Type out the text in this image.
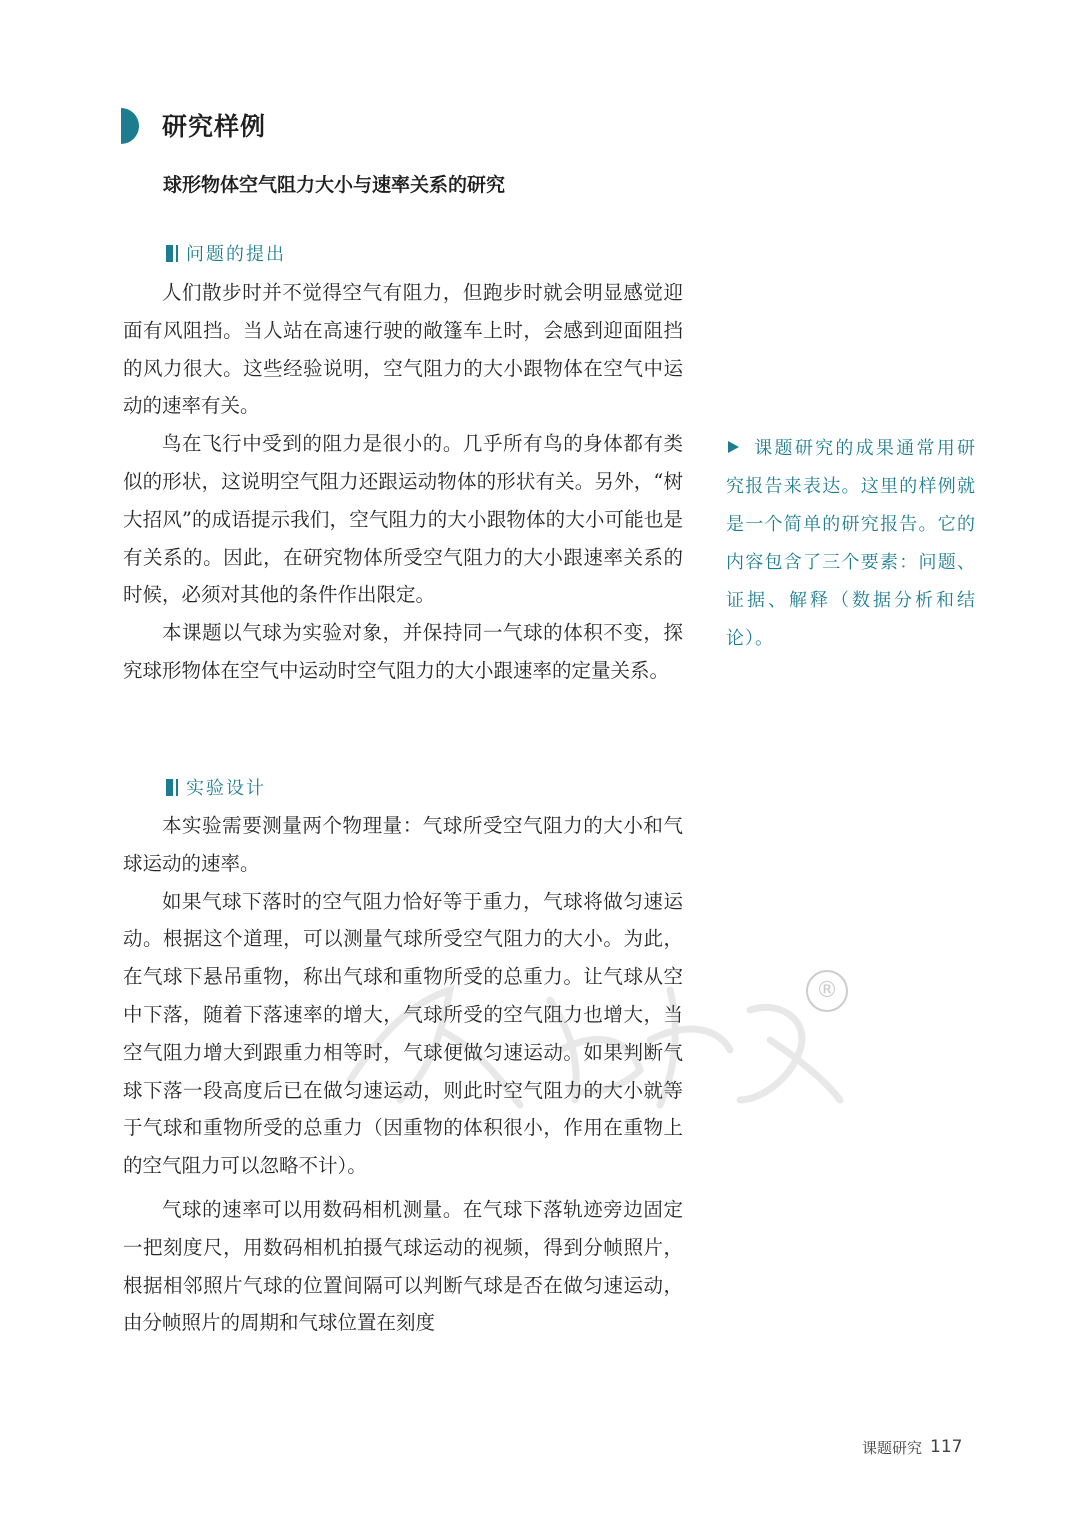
研究样例
球形物体空气阻力大小与速率关系的研究
问题的提出

人们散步时并不觉得空气有阻力，但跑步时就会明显感觉迎面有风阻挡。当人站在高速行驶的敞篷车上时，会感到迎面阻挡的风力很大。这些经验说明，空气阻力的大小跟物体在空气中运动的速率有关。

鸟在飞行中受到的阻力是很小的。几乎所有鸟的身体都有类似的形状，这说明空气阻力还跟运动物体的形状有关。另外，“树大招风”的成语提示我们，空气阻力的大小跟物体的大小可能也是有关系的。因此，在研究物体所受空气阻力的大小跟速率关系的时候，必须对其他的条件作出限定。

本课题以气球为实验对象，并保持同一气球的体积不变，探究球形物体在空气中运动时空气阻力的大小跟速率的定量关系。

实验设计

本实验需要测量两个物理量：气球所受空气阻力的大小和气球运动的速率。

如果气球下落时的空气阻力恰好等于重力，气球将做匀速运动。根据这个道理，可以测量气球所受空气阻力的大小。为此，在气球下悬吊重物，称出气球和重物所受的总重力。让气球从空中下落，随着下落速率的增大，气球所受的空气阻力也增大，当空气阻力增大到跟重力相等时，气球便做匀速运动。如果判断气球下落一段高度后已在做匀速运动，则此时空气阻力的大小就等于气球和重物所受的总重力（因重物的体积很小，作用在重物上的空气阻力可以忽略不计）。

气球的速率可以用数码相机测量。在气球下落轨迹旁边固定一把刻度尺，用数码相机拍摄气球运动的视频，得到分帧照片，根据相邻照片气球的位置间隔可以判断气球是否在做匀速运动，由分帧照片的周期和气球位置在刻度

课题研究的成果通常用研究报告来表达。这里的样例就是一个简单的研究报告。它的内容包含了三个要素：问题、证据、解释（数据分析和结论）。
®
课题研究 117
